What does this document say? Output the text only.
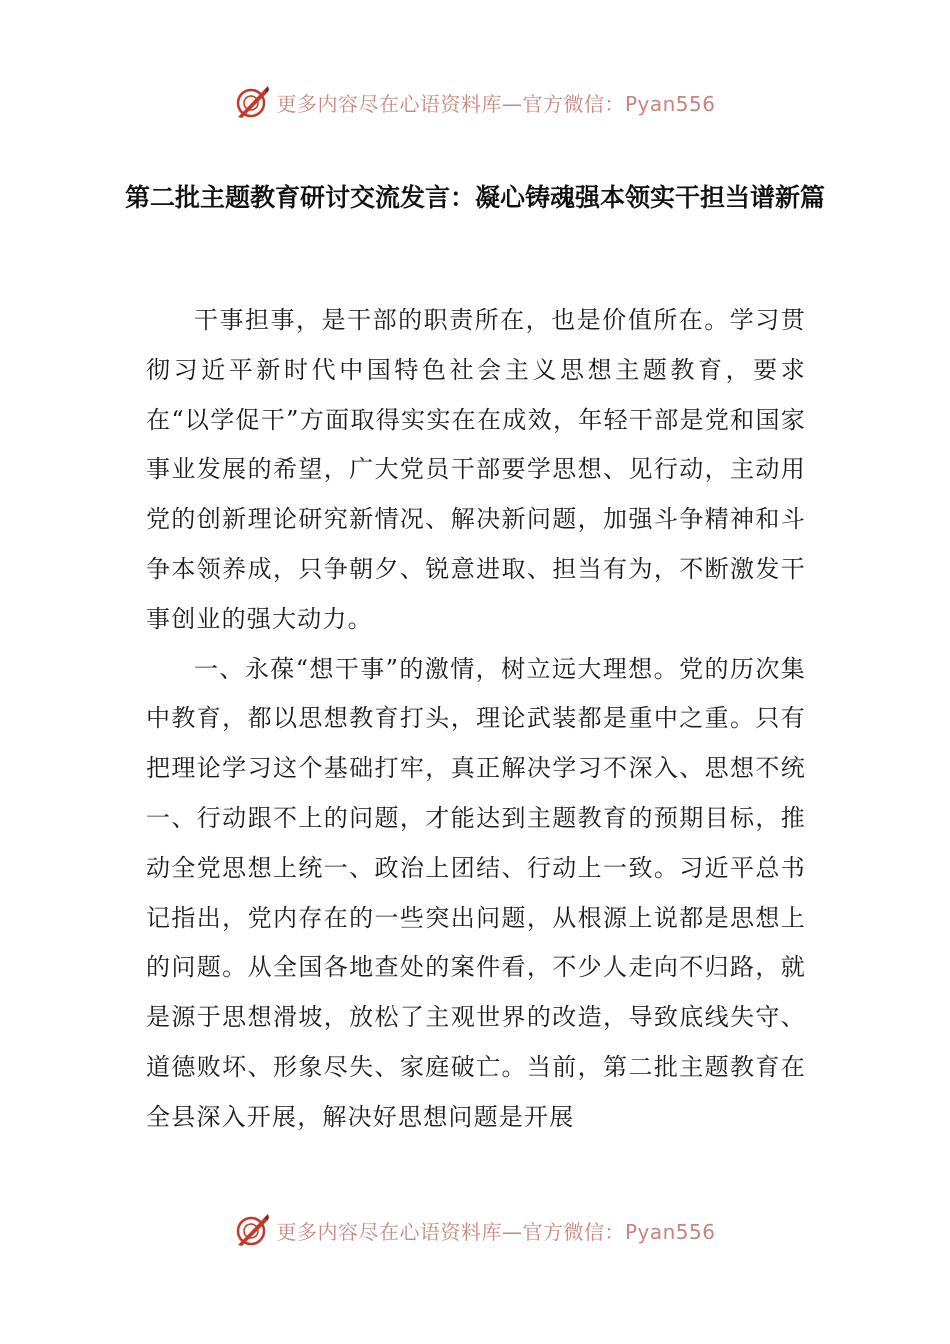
更多内容尽在心语资料库—官方微信：Pyan556
第二批主题教育研讨交流发言：凝心铸魂强本领实干担当谱新篇

干事担事，是干部的职责所在，也是价值所在。学习贯彻习近平新时代中国特色社会主义思想主题教育，要求在“以学促干”方面取得实实在在成效，年轻干部是党和国家事业发展的希望，广大党员干部要学思想、见行动，主动用党的创新理论研究新情况、解决新问题，加强斗争精神和斗争本领养成，只争朝夕、锐意进取、担当有为，不断激发干事创业的强大动力。

一、永葆“想干事”的激情，树立远大理想。党的历次集中教育，都以思想教育打头，理论武装都是重中之重。只有把理论学习这个基础打牢，真正解决学习不深入、思想不统一、行动跟不上的问题，才能达到主题教育的预期目标，推动全党思想上统一、政治上团结、行动上一致。习近平总书记指出，党内存在的一些突出问题，从根源上说都是思想上的问题。从全国各地查处的案件看，不少人走向不归路，就是源于思想滑坡，放松了主观世界的改造，导致底线失守、道德败坏、形象尽失、家庭破亡。当前，第二批主题教育在全县深入开展，解决好思想问题是开展

更多内容尽在心语资料库—官方微信：Pyan556
